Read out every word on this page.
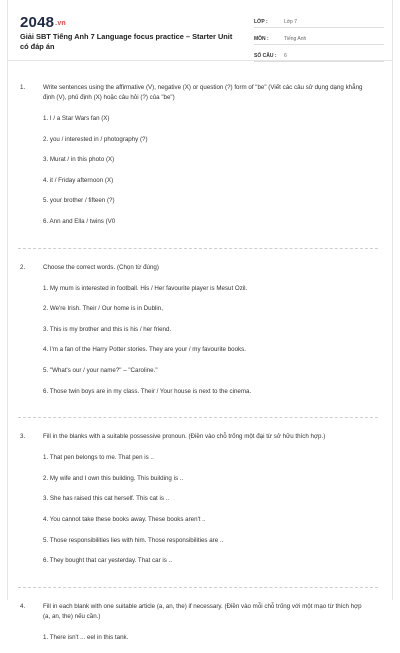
2048.vn
Giải SBT Tiếng Anh 7 Language focus practice – Starter Unit có đáp án
LỚP :	Lớp 7
MÔN :	Tiếng Anh
SỐ CÂU :	6
1.	Write sentences using the affirmative (V), negative (X) or question (?) form of "be" (Viết các câu sử dụng dạng khẳng định (V), phủ định (X) hoặc câu hỏi (?) của "be")
1. I / a Star Wars fan (X)
2. you / interested in / photography (?)
3. Murat / in this photo (X)
4. it / Friday afternoon (X)
5. your brother / fifteen (?)
6. Ann and Ella / twins (V0
2.	Choose the correct words. (Chọn từ đúng)
1. My mum is interested in football. His / Her favourite player is Mesut Ozil.
2. We're Irish. Their / Our home is in Dublin,
3. This is my brother and this is his / her friend.
4. I'm a fan of the Harry Potter stories. They are your / my favourite books.
5. "What's our / your name?" – "Caroline."
6. Those twin boys are in my class. Their / Your house is next to the cinema.
3.	Fill in the blanks with a suitable possessive pronoun. (Điền vào chỗ trống một đại từ sở hữu thích hợp.)
1. That pen belongs to me. That pen is ..
2. My wife and I own this building. This building is ..
3. She has raised this cat herself. This cat is ..
4. You cannot take these books away. These books aren't ..
5. Those responsibilities lies with him. Those responsibilities are ..
6. They bought that car yesterday. That car is ..
4.	Fill in each blank with one suitable article (a, an, the) if necessary. (Điền vào mỗi chỗ trống với một mạo từ thích hợp (a, an, the) nếu cần.)
1. There isn't ... eel in this tank.
